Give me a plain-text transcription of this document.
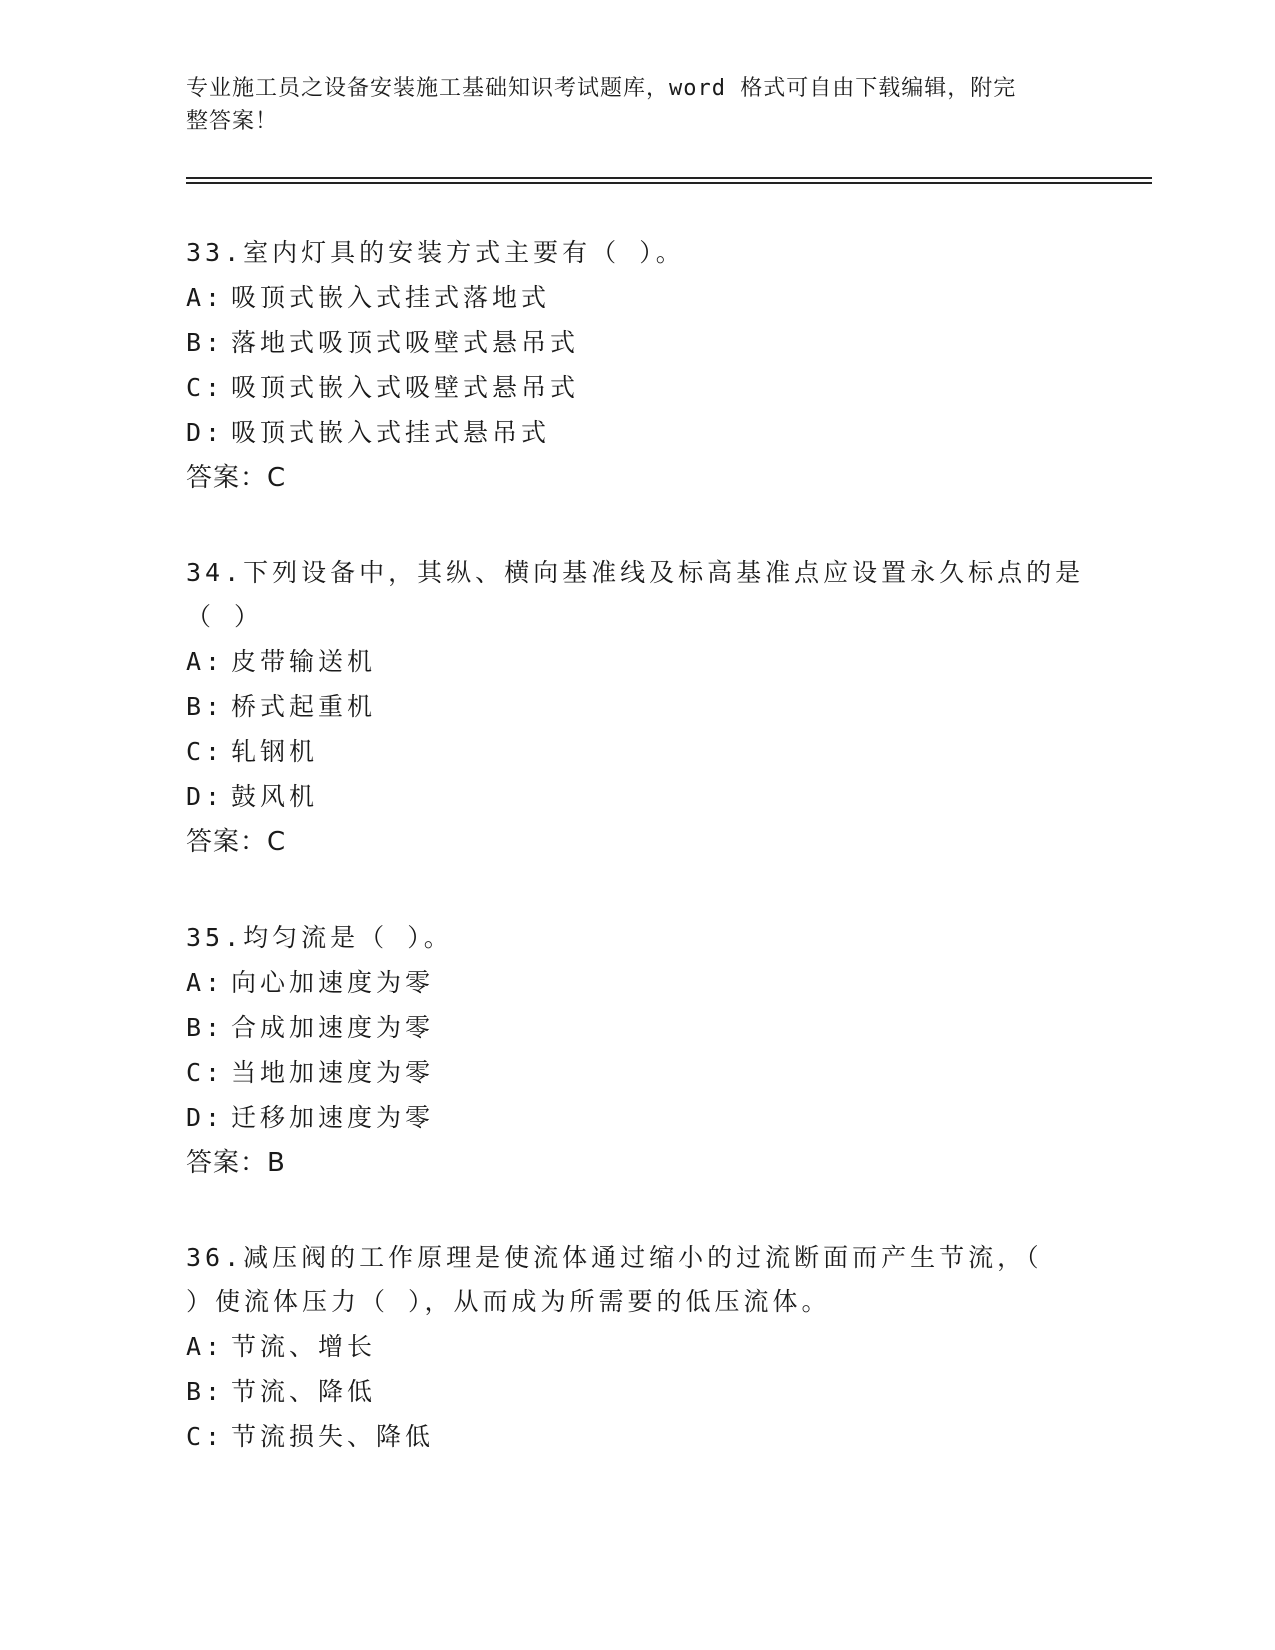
专业施工员之设备安装施工基础知识考试题库，word 格式可自由下载编辑，附完
整答案！

33.室内灯具的安装方式主要有（ ）。

A: 吸顶式嵌入式挂式落地式

B: 落地式吸顶式吸壁式悬吊式

C: 吸顶式嵌入式吸壁式悬吊式

D: 吸顶式嵌入式挂式悬吊式

答案：C

34.下列设备中，其纵、横向基准线及标高基准点应设置永久标点的是

（ ）

A: 皮带输送机

B: 桥式起重机

C: 轧钢机

D: 鼓风机

答案：C

35.均匀流是（ ）。

A: 向心加速度为零

B: 合成加速度为零

C: 当地加速度为零

D: 迁移加速度为零

答案：B

36.减压阀的工作原理是使流体通过缩小的过流断面而产生节流，（

）使流体压力（ ），从而成为所需要的低压流体。

A: 节流、增长

B: 节流、降低

C: 节流损失、降低
